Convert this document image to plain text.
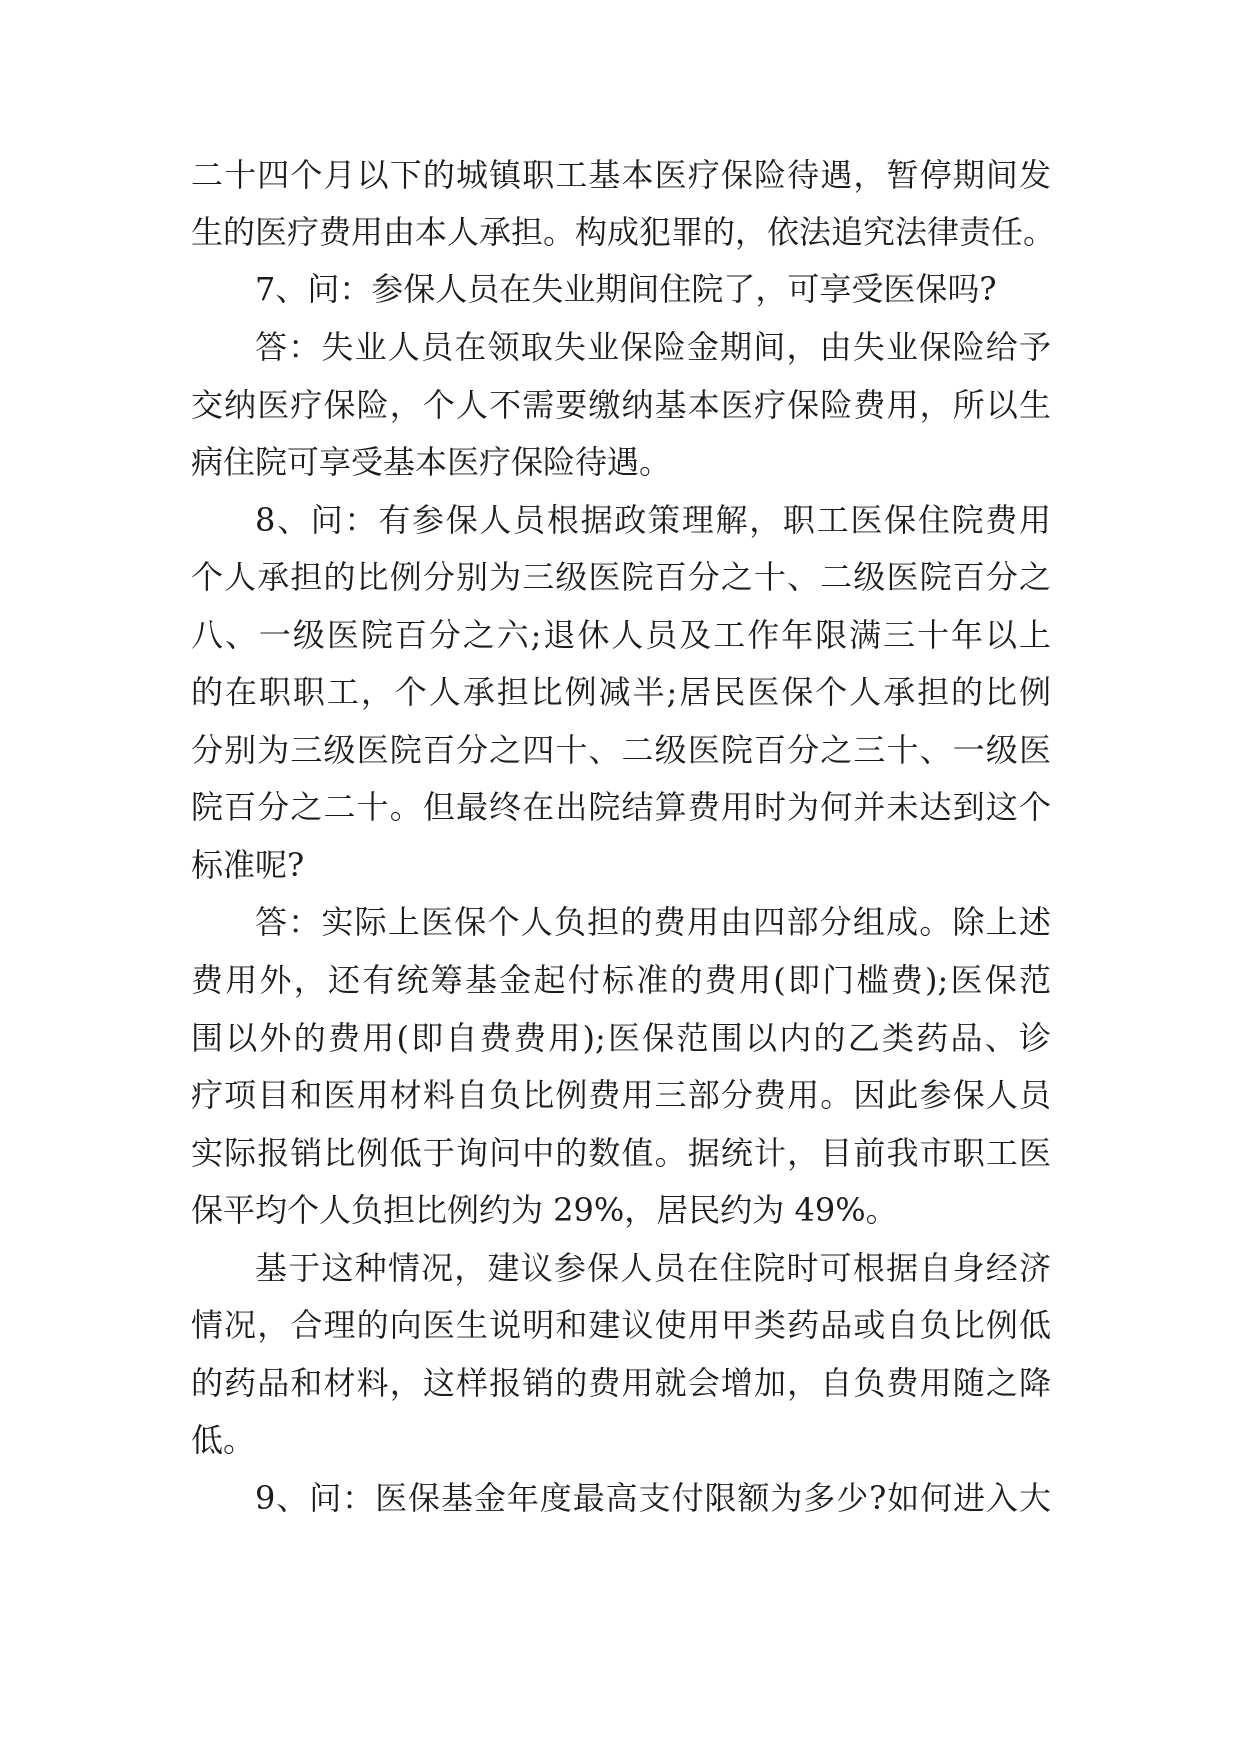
二十四个月以下的城镇职工基本医疗保险待遇，暂停期间发

生的医疗费用由本人承担。构成犯罪的，依法追究法律责任。

7、问：参保人员在失业期间住院了，可享受医保吗?

答：失业人员在领取失业保险金期间，由失业保险给予

交纳医疗保险，个人不需要缴纳基本医疗保险费用，所以生

病住院可享受基本医疗保险待遇。

8、问：有参保人员根据政策理解，职工医保住院费用

个人承担的比例分别为三级医院百分之十、二级医院百分之

八、一级医院百分之六;退休人员及工作年限满三十年以上

的在职职工，个人承担比例减半;居民医保个人承担的比例

分别为三级医院百分之四十、二级医院百分之三十、一级医

院百分之二十。但最终在出院结算费用时为何并未达到这个

标准呢?

答：实际上医保个人负担的费用由四部分组成。除上述

费用外，还有统筹基金起付标准的费用(即门槛费);医保范

围以外的费用(即自费费用);医保范围以内的乙类药品、诊

疗项目和医用材料自负比例费用三部分费用。因此参保人员

实际报销比例低于询问中的数值。据统计，目前我市职工医

保平均个人负担比例约为 29%，居民约为 49%。

基于这种情况，建议参保人员在住院时可根据自身经济

情况，合理的向医生说明和建议使用甲类药品或自负比例低

的药品和材料，这样报销的费用就会增加，自负费用随之降

低。

9、问：医保基金年度最高支付限额为多少?如何进入大
